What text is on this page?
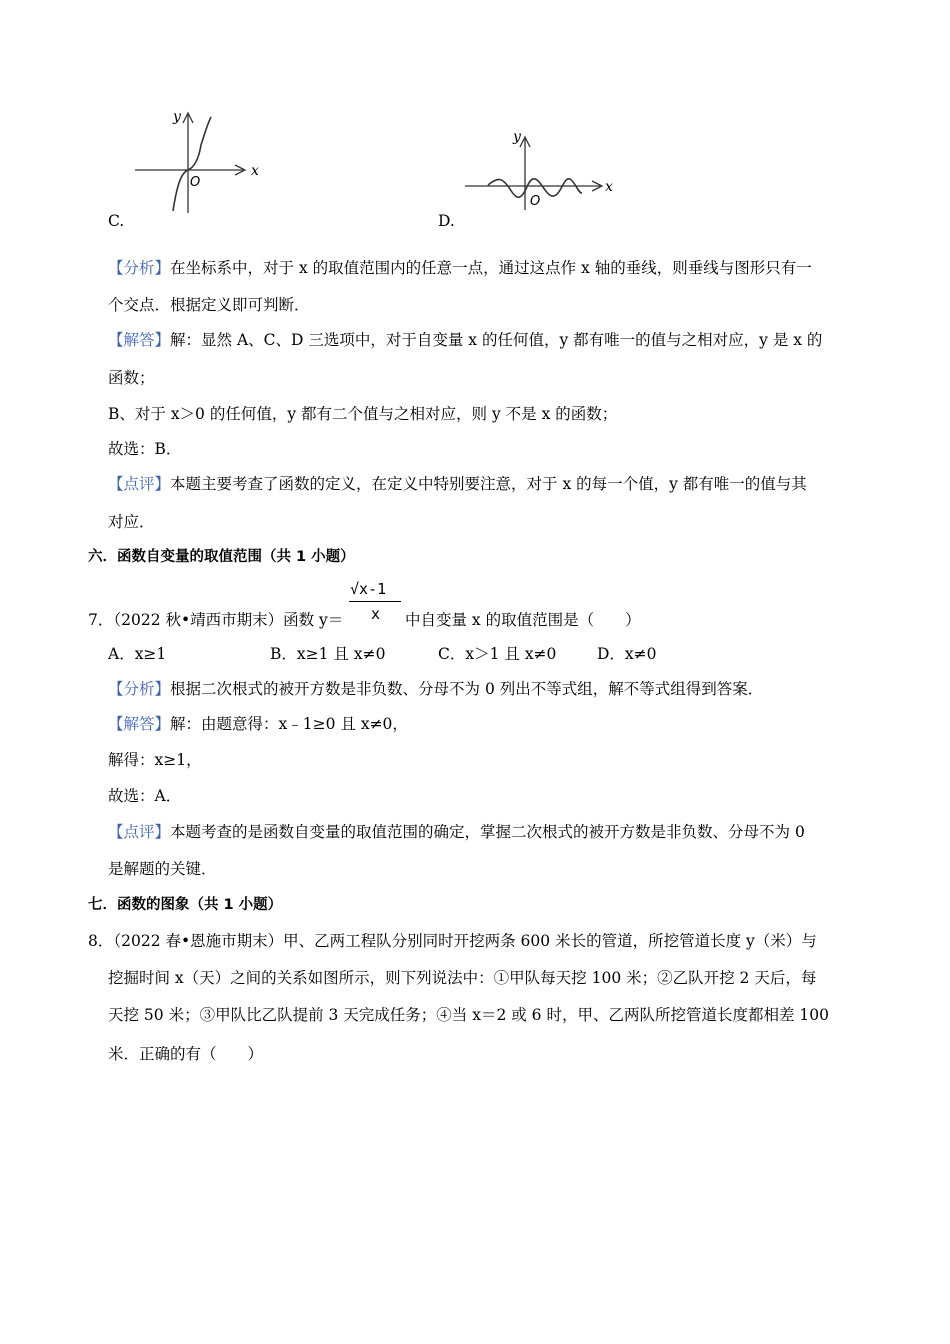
y
x
O
C.
y
x
O
D.
【分析】在坐标系中，对于 x 的取值范围内的任意一点，通过这点作 x 轴的垂线，则垂线与图形只有一
个交点．根据定义即可判断．
【解答】解：显然 A、C、D 三选项中，对于自变量 x 的任何值，y 都有唯一的值与之相对应，y 是 x 的
函数；
B、对于 x＞0 的任何值，y 都有二个值与之相对应，则 y 不是 x 的函数；
故选：B．
【点评】本题主要考查了函数的定义，在定义中特别要注意，对于 x 的每一个值，y 都有唯一的值与其
对应．
六．函数自变量的取值范围（共 1 小题）
7．（2022 秋•靖西市期末）函数 y＝
√x-1
x 中自变量 x 的取值范围是（　　）
A．x≥1	B．x≥1 且 x≠0	C．x＞1 且 x≠0	D．x≠0
【分析】根据二次根式的被开方数是非负数、分母不为 0 列出不等式组，解不等式组得到答案．
【解答】解：由题意得：x﹣1≥0 且 x≠0，
解得：x≥1，
故选：A．
【点评】本题考查的是函数自变量的取值范围的确定，掌握二次根式的被开方数是非负数、分母不为 0
是解题的关键．
七．函数的图象（共 1 小题）
8．（2022 春•恩施市期末）甲、乙两工程队分别同时开挖两条 600 米长的管道，所挖管道长度 y（米）与
挖掘时间 x（天）之间的关系如图所示，则下列说法中：①甲队每天挖 100 米；②乙队开挖 2 天后，每
天挖 50 米；③甲队比乙队提前 3 天完成任务；④当 x＝2 或 6 时，甲、乙两队所挖管道长度都相差 100
米．正确的有（　　）
